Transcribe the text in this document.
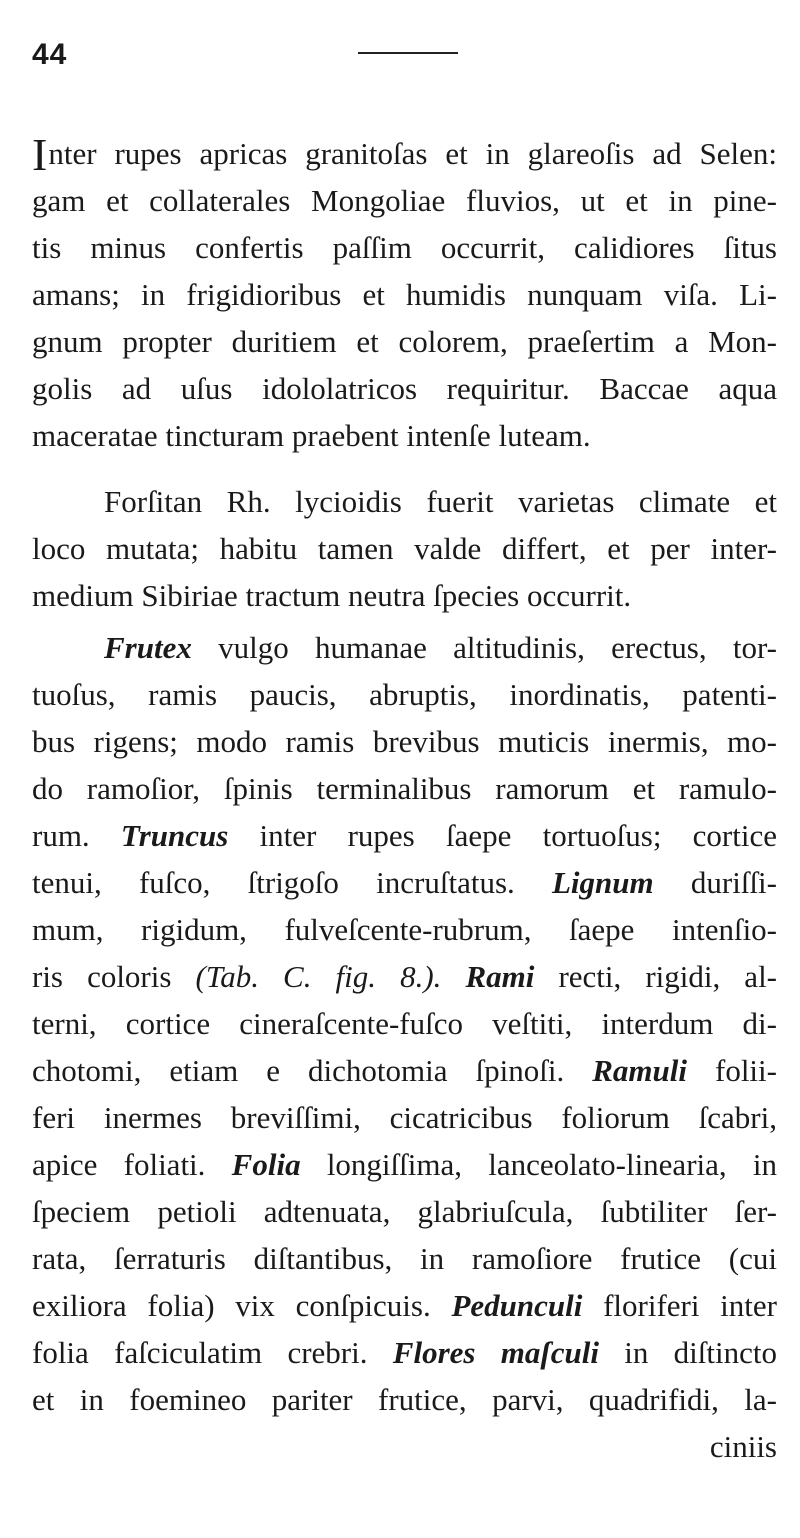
44
Inter rupes apricas granitoſas et in glareoſis ad Selen:
gam et collaterales Mongoliae fluvios, ut et in pine-
tis minus confertis paſſim occurrit, calidiores ſitus
amans; in frigidioribus et humidis nunquam viſa. Li-
gnum propter duritiem et colorem, praeſertim a Mon-
golis ad uſus idololatricos requiritur. Baccae aqua
maceratae tincturam praebent intenſe luteam.
Forſitan Rh. lycioidis fuerit varietas climate et
loco mutata; habitu tamen valde differt, et per inter-
medium Sibiriae tractum neutra ſpecies occurrit.
Frutex vulgo humanae altitudinis, erectus, tor-
tuoſus, ramis paucis, abruptis, inordinatis, patenti-
bus rigens; modo ramis brevibus muticis inermis, mo-
do ramoſior, ſpinis terminalibus ramorum et ramulo-
rum. Truncus inter rupes ſaepe tortuoſus; cortice
tenui, fuſco, ſtrigoſo incruſtatus. Lignum duriſſi-
mum, rigidum, fulveſcente-rubrum, ſaepe intenſio-
ris coloris (Tab. C. fig. 8.). Rami recti, rigidi, al-
terni, cortice cineraſcente-fuſco veſtiti, interdum di-
chotomi, etiam e dichotomia ſpinoſi. Ramuli folii-
feri inermes breviſſimi, cicatricibus foliorum ſcabri,
apice foliati. Folia longiſſima, lanceolato-linearia, in
ſpeciem petioli adtenuata, glabriuſcula, ſubtiliter ſer-
rata, ſerraturis diſtantibus, in ramoſiore frutice (cui
exiliora folia) vix conſpicuis. Pedunculi floriferi inter
folia faſciculatim crebri. Flores maſculi in diſtincto
et in foemineo pariter frutice, parvi, quadrifidi, la-
ciniis
